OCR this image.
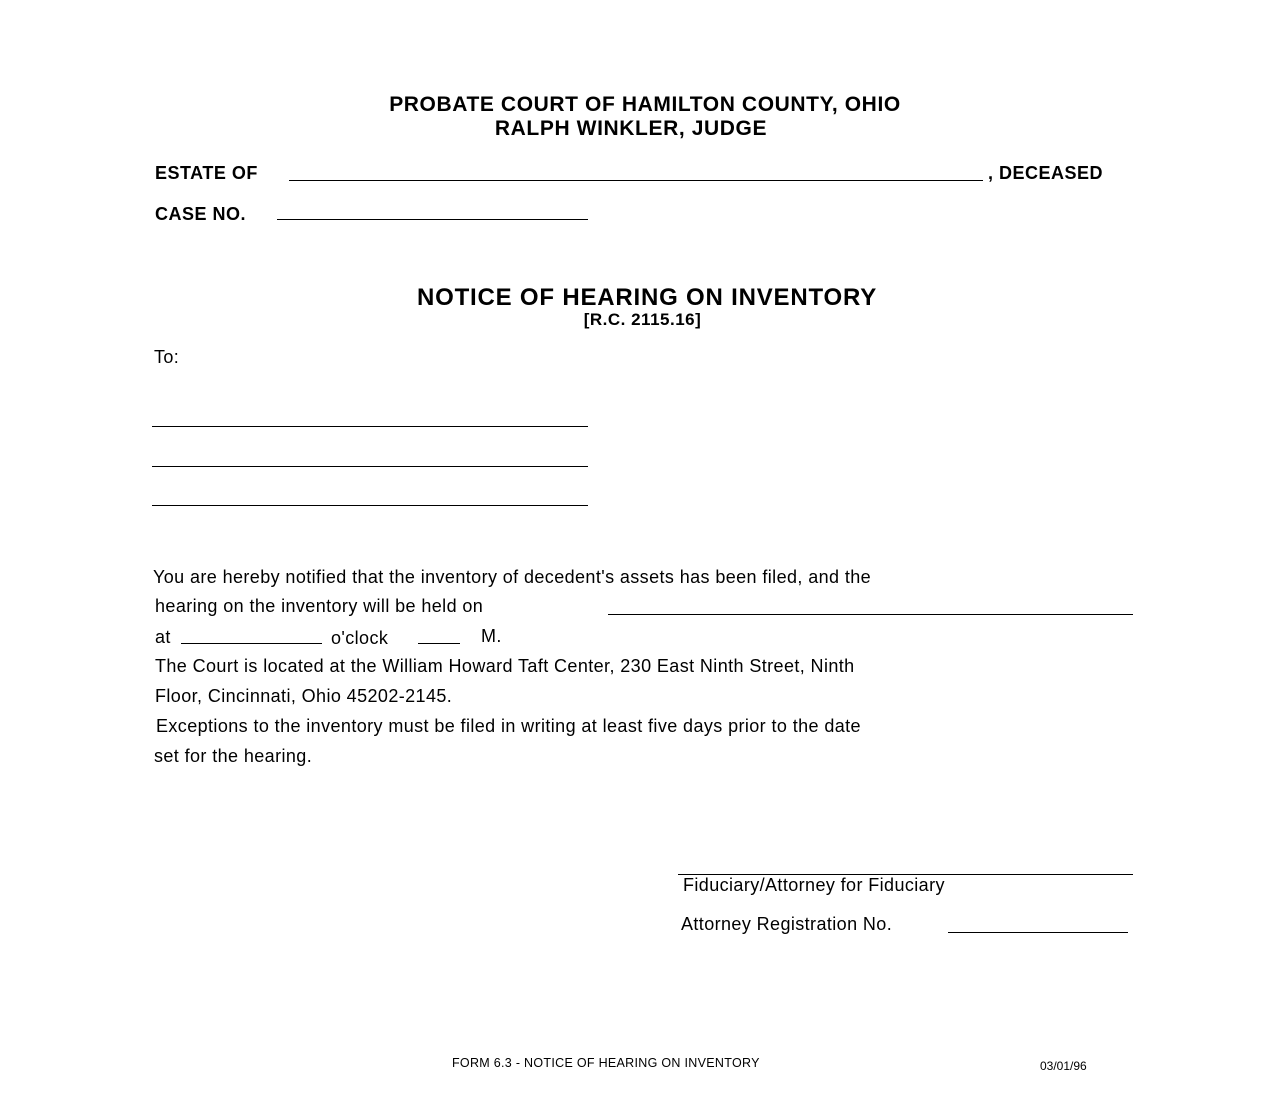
PROBATE COURT OF HAMILTON COUNTY, OHIO
RALPH WINKLER, JUDGE
ESTATE OF	, DECEASED
CASE NO.
NOTICE OF HEARING ON INVENTORY
[R.C. 2115.16]
To:
You are hereby notified that the inventory of decedent's assets has been filed, and the
hearing on the inventory will be held on
at	o'clock	M.
The Court is located at the William Howard Taft Center, 230 East Ninth Street, Ninth
Floor, Cincinnati, Ohio 45202-2145.
Exceptions to the inventory must be filed in writing at least five days prior to the date
set for the hearing.
Fiduciary/Attorney for Fiduciary
Attorney Registration No.
FORM 6.3 - NOTICE OF HEARING ON INVENTORY	03/01/96
